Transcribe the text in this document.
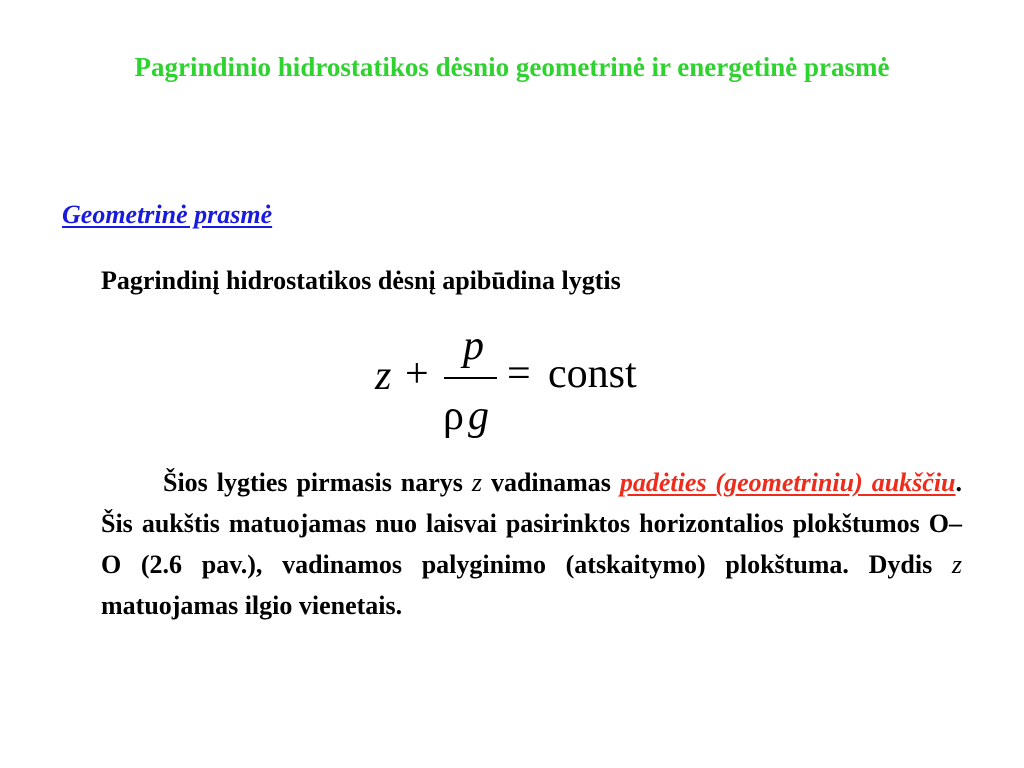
Pagrindinio hidrostatikos dėsnio geometrinė ir energetinė prasmė
Geometrinė prasmė
Pagrindinį hidrostatikos dėsnį apibūdina lygtis
z +
p
ρ g
= const
Šios lygties pirmasis narys z vadinamas padėties (geometriniu) aukščiu. Šis aukštis matuojamas nuo laisvai pasirinktos horizontalios plokštumos O–O (2.6 pav.), vadinamos palyginimo (atskaitymo) plokštuma. Dydis z matuojamas ilgio vienetais.
